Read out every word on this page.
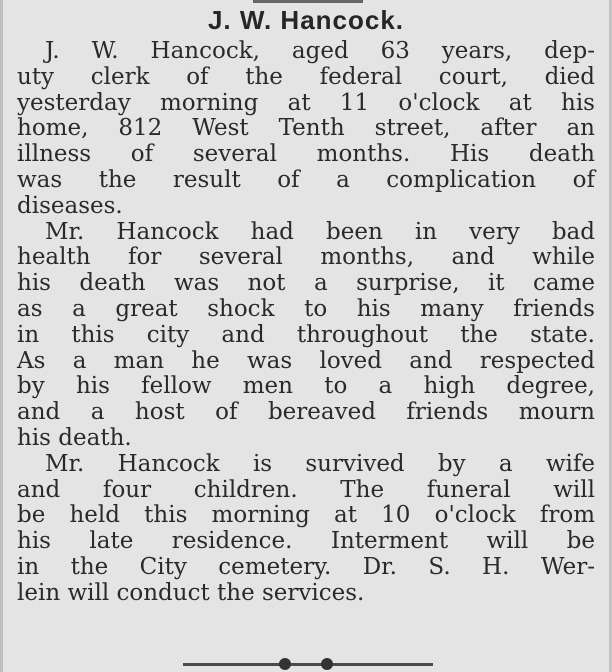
J. W. Hancock.

J. W. Hancock, aged 63 years, dep-
uty clerk of the federal court, died
yesterday morning at 11 o'clock at his
home, 812 West Tenth street, after an
illness of several months. His death
was the result of a complication of
diseases.

Mr. Hancock had been in very bad
health for several months, and while
his death was not a surprise, it came
as a great shock to his many friends
in this city and throughout the state.
As a man he was loved and respected
by his fellow men to a high degree,
and a host of bereaved friends mourn
his death.

Mr. Hancock is survived by a wife
and four children. The funeral will
be held this morning at 10 o'clock from
his late residence. Interment will be
in the City cemetery. Dr. S. H. Wer-
lein will conduct the services.
